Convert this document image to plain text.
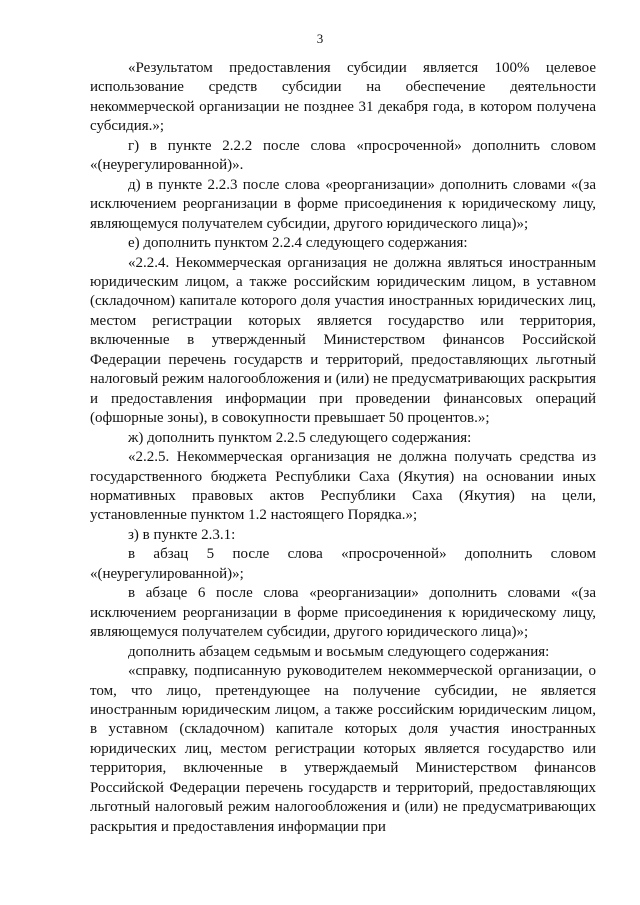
3

«Результатом предоставления субсидии является 100% целевое использование средств субсидии на обеспечение деятельности некоммерческой организации не позднее 31 декабря года, в котором получена субсидия.»;

г) в пункте 2.2.2 после слова «просроченной» дополнить словом «(неурегулированной)».

д) в пункте 2.2.3 после слова «реорганизации» дополнить словами «(за исключением реорганизации в форме присоединения к юридическому лицу, являющемуся получателем субсидии, другого юридического лица)»;

е) дополнить пунктом 2.2.4 следующего содержания:

«2.2.4. Некоммерческая организация не должна являться иностранным юридическим лицом, а также российским юридическим лицом, в уставном (складочном) капитале которого доля участия иностранных юридических лиц, местом регистрации которых является государство или территория, включенные в утвержденный Министерством финансов Российской Федерации перечень государств и территорий, предоставляющих льготный налоговый режим налогообложения и (или) не предусматривающих раскрытия и предоставления информации при проведении финансовых операций (офшорные зоны), в совокупности превышает 50 процентов.»;

ж) дополнить пунктом 2.2.5 следующего содержания:

«2.2.5. Некоммерческая организация не должна получать средства из государственного бюджета Республики Саха (Якутия) на основании иных нормативных правовых актов Республики Саха (Якутия) на цели, установленные пунктом 1.2 настоящего Порядка.»;

з) в пункте 2.3.1:

в абзац 5 после слова «просроченной» дополнить словом «(неурегулированной)»;

в абзаце 6 после слова «реорганизации» дополнить словами «(за исключением реорганизации в форме присоединения к юридическому лицу, являющемуся получателем субсидии, другого юридического лица)»;

дополнить абзацем седьмым и восьмым следующего содержания:

«справку, подписанную руководителем некоммерческой организации, о том, что лицо, претендующее на получение субсидии, не является иностранным юридическим лицом, а также российским юридическим лицом, в уставном (складочном) капитале которых доля участия иностранных юридических лиц, местом регистрации которых является государство или территория, включенные в утверждаемый Министерством финансов Российской Федерации перечень государств и территорий, предоставляющих льготный налоговый режим налогообложения и (или) не предусматривающих раскрытия и предоставления информации при
